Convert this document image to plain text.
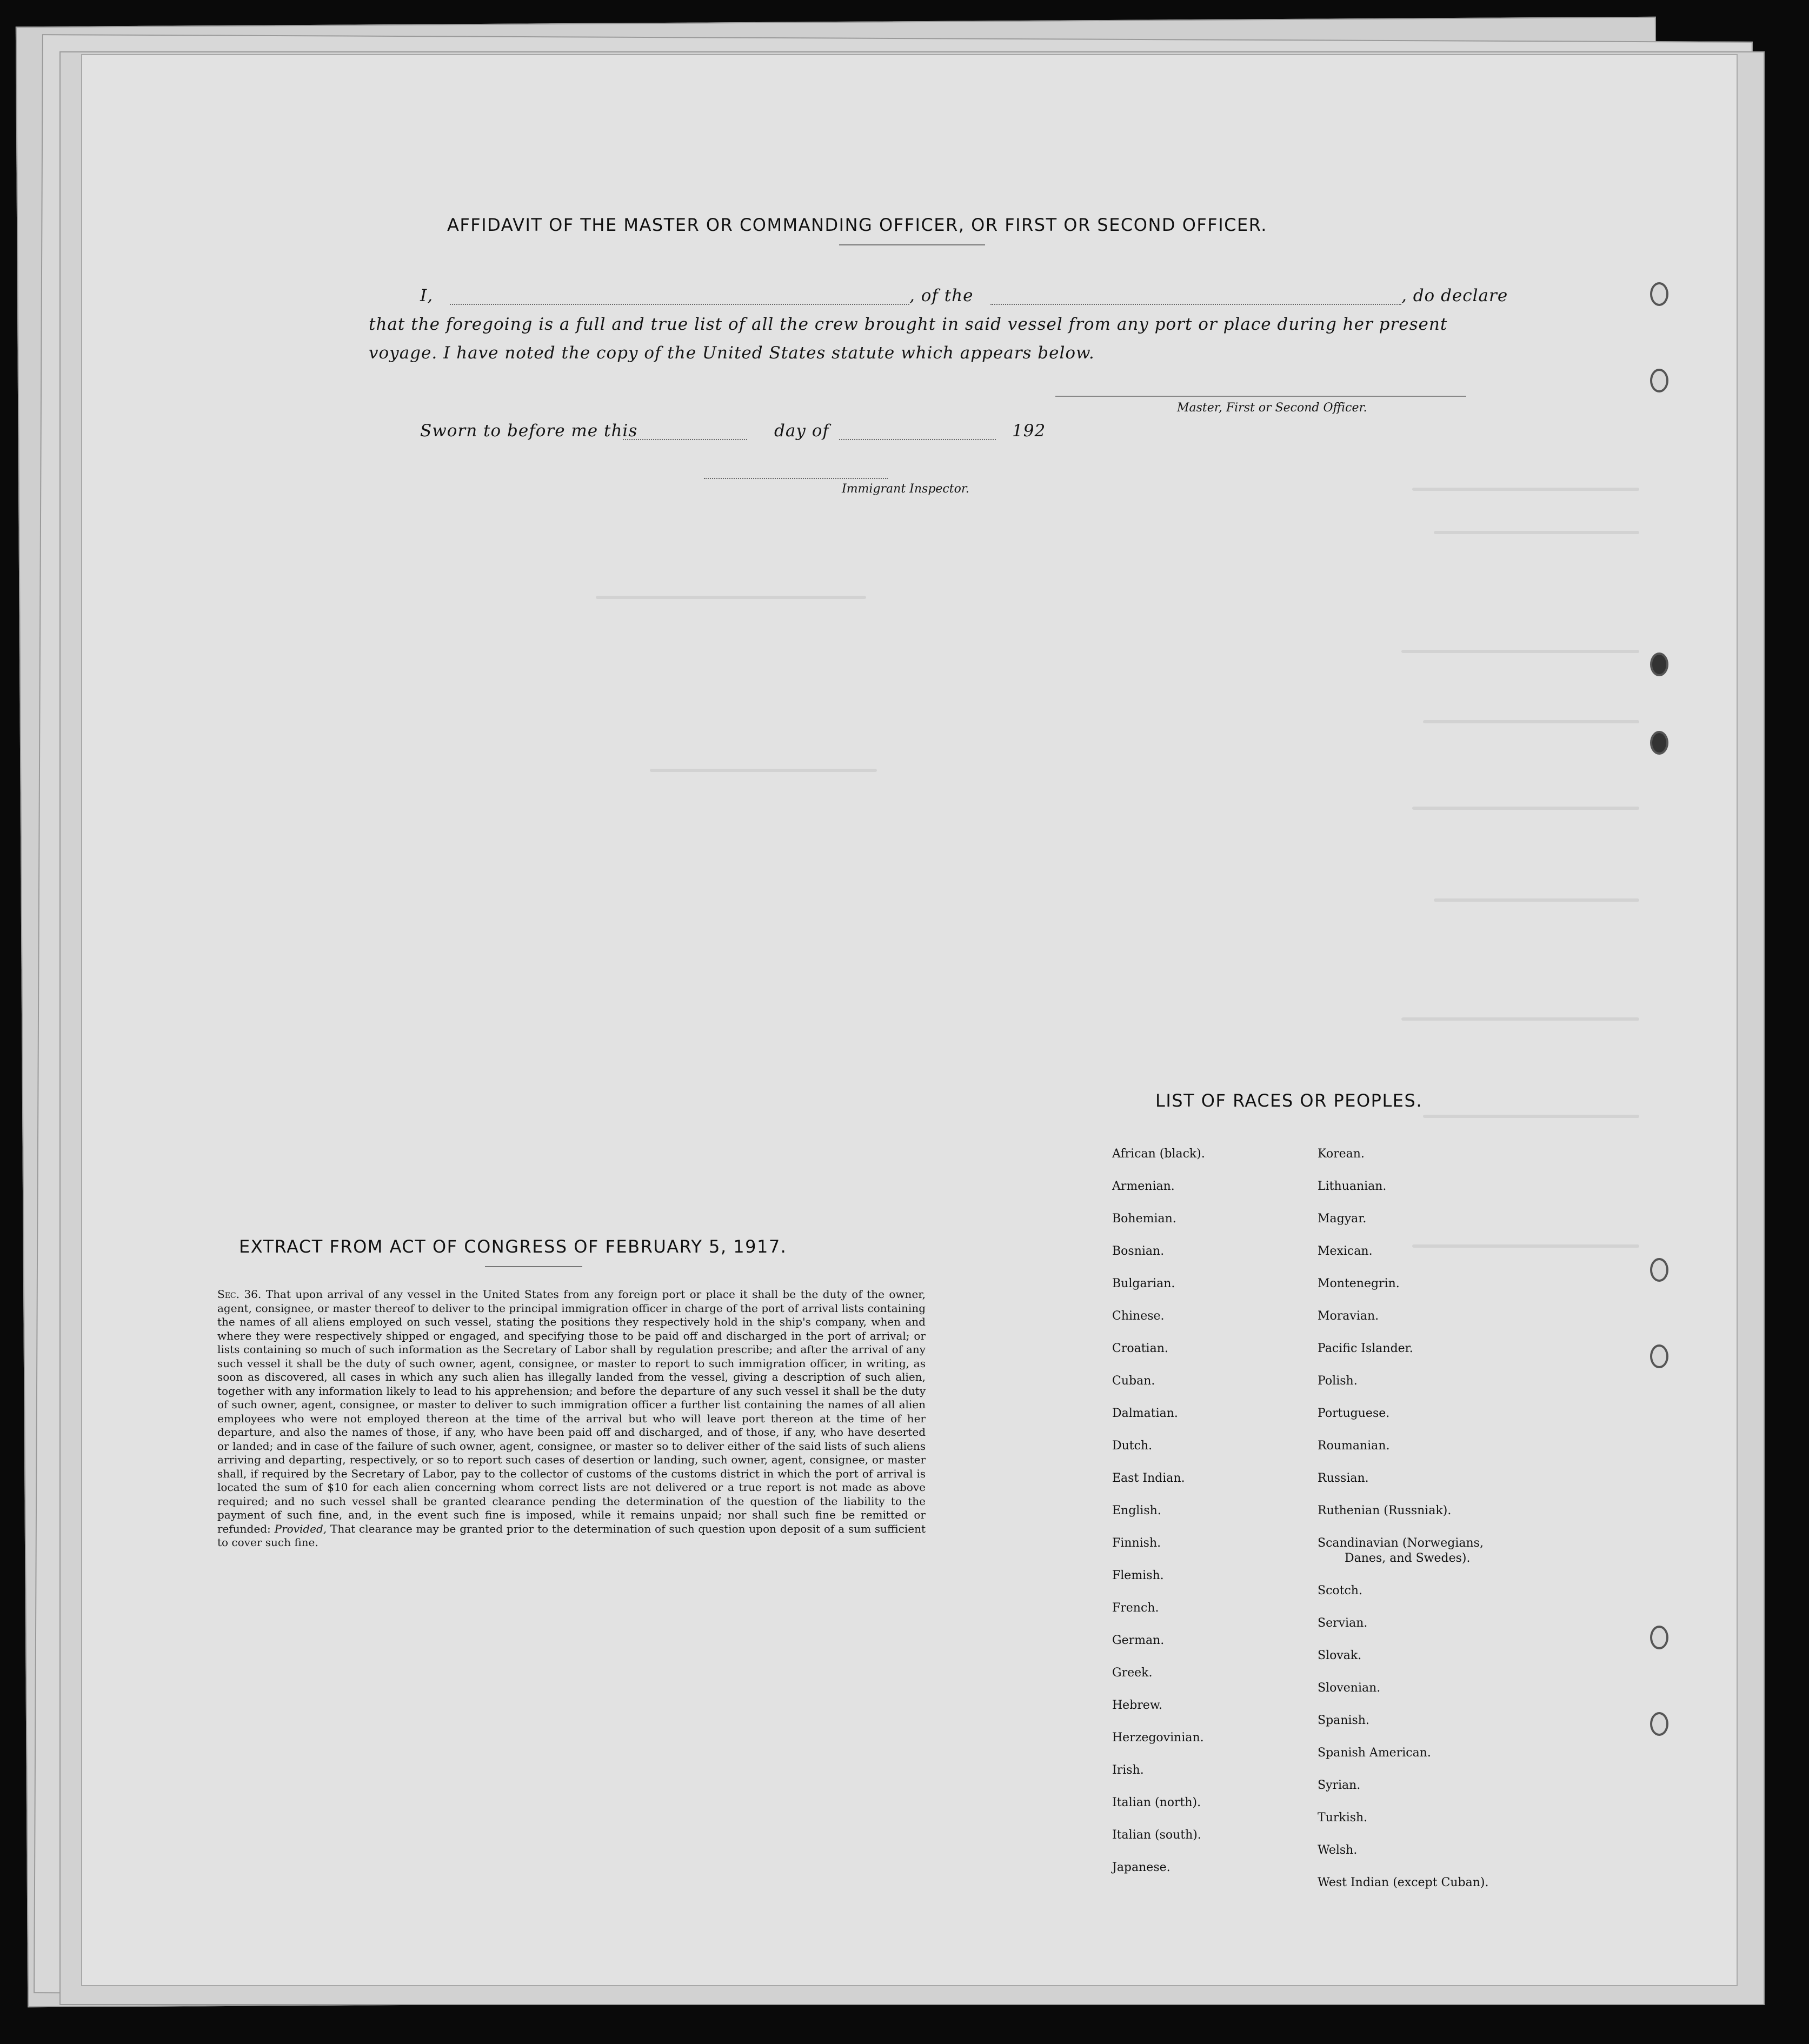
AFFIDAVIT OF THE MASTER OR COMMANDING OFFICER, OR FIRST OR SECOND OFFICER.
I,	, of the	, do declare
that the foregoing is a full and true list of all the crew brought in said vessel from any port or place during her present
voyage. I have noted the copy of the United States statute which appears below.
Master, First or Second Officer.
Sworn to before me this	day of	192
Immigrant Inspector.
EXTRACT FROM ACT OF CONGRESS OF FEBRUARY 5, 1917.

Sec. 36. That upon arrival of any vessel in the United States from any foreign port or place it shall be the duty of the owner, agent, consignee, or master thereof to deliver to the principal immigration officer in charge of the port of arrival lists containing the names of all aliens employed on such vessel, stating the positions they respectively hold in the ship's company, when and where they were respectively shipped or engaged, and specifying those to be paid off and discharged in the port of arrival; or lists containing so much of such information as the Secretary of Labor shall by regulation prescribe; and after the arrival of any such vessel it shall be the duty of such owner, agent, consignee, or master to report to such immigration officer, in writing, as soon as discovered, all cases in which any such alien has illegally landed from the vessel, giving a description of such alien, together with any information likely to lead to his apprehension; and before the departure of any such vessel it shall be the duty of such owner, agent, consignee, or master to deliver to such immigration officer a further list containing the names of all alien employees who were not employed thereon at the time of the arrival but who will leave port thereon at the time of her departure, and also the names of those, if any, who have been paid off and discharged, and of those, if any, who have deserted or landed; and in case of the failure of such owner, agent, consignee, or master so to deliver either of the said lists of such aliens arriving and departing, respectively, or so to report such cases of desertion or landing, such owner, agent, consignee, or master shall, if required by the Secretary of Labor, pay to the collector of customs of the customs district in which the port of arrival is located the sum of $10 for each alien concerning whom correct lists are not delivered or a true report is not made as above required; and no such vessel shall be granted clearance pending the determination of the question of the liability to the payment of such fine, and, in the event such fine is imposed, while it remains unpaid; nor shall such fine be remitted or refunded: Provided, That clearance may be granted prior to the determination of such question upon deposit of a sum sufficient to cover such fine.

LIST OF RACES OR PEOPLES.
African (black).
Armenian.
Bohemian.
Bosnian.
Bulgarian.
Chinese.
Croatian.
Cuban.
Dalmatian.
Dutch.
East Indian.
English.
Finnish.
Flemish.
French.
German.
Greek.
Hebrew.
Herzegovinian.
Irish.
Italian (north).
Italian (south).
Japanese.
Korean.
Lithuanian.
Magyar.
Mexican.
Montenegrin.
Moravian.
Pacific Islander.
Polish.
Portuguese.
Roumanian.
Russian.
Ruthenian (Russniak).
Scandinavian (Norwegians,
Danes, and Swedes).
Scotch.
Servian.
Slovak.
Slovenian.
Spanish.
Spanish American.
Syrian.
Turkish.
Welsh.
West Indian (except Cuban).
